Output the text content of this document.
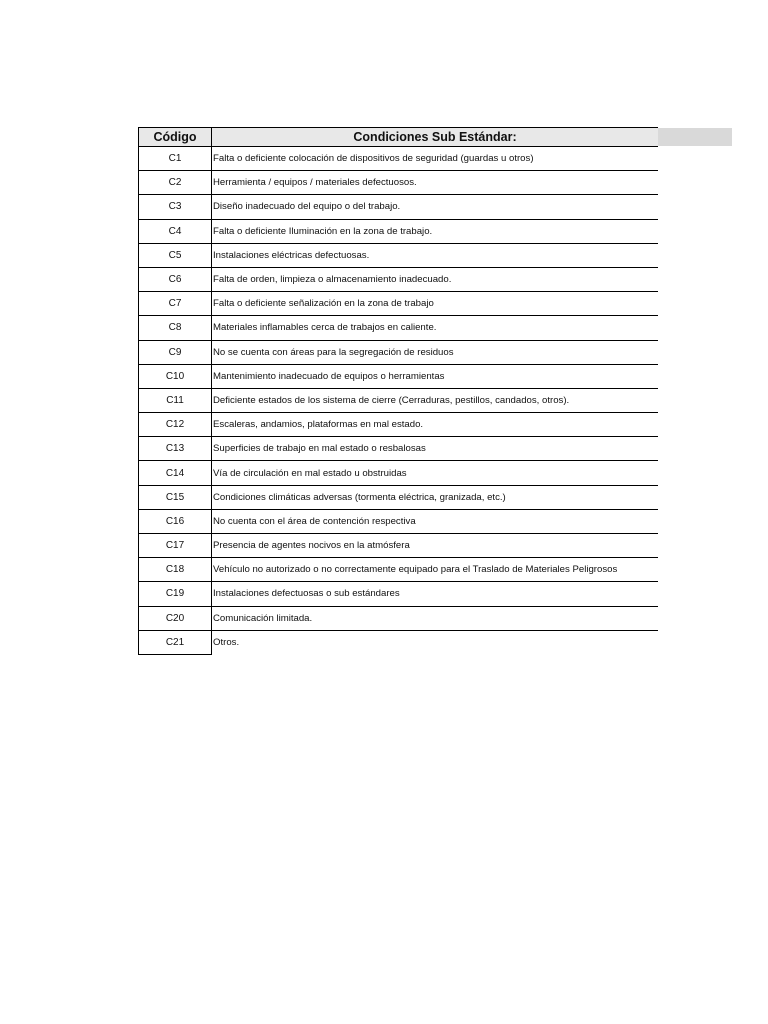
Código	Condiciones Sub Estándar:
C1	Falta o deficiente colocación de dispositivos de seguridad (guardas u otros)
C2	Herramienta / equipos / materiales defectuosos.
C3	Diseño inadecuado del equipo o del trabajo.
C4	Falta o deficiente Iluminación en la zona de trabajo.
C5	Instalaciones eléctricas defectuosas.
C6	Falta de orden, limpieza o almacenamiento inadecuado.
C7	Falta o deficiente señalización en la zona de trabajo
C8	Materiales inflamables cerca de trabajos en caliente.
C9	No se cuenta con áreas para la segregación de residuos
C10	Mantenimiento inadecuado de equipos o herramientas
C11	Deficiente estados de los sistema de cierre (Cerraduras, pestillos, candados, otros).
C12	Escaleras, andamios, plataformas en mal estado.
C13	Superficies de trabajo en mal estado o resbalosas
C14	Vía de circulación en mal estado u obstruidas
C15	Condiciones climáticas adversas (tormenta eléctrica, granizada, etc.)
C16	No cuenta con el área de contención respectiva
C17	Presencia de agentes nocivos en la atmósfera
C18	Vehículo no autorizado o no correctamente equipado para el Traslado de Materiales Peligrosos
C19	Instalaciones defectuosas o sub estándares
C20	Comunicación limitada.
C21	Otros.
